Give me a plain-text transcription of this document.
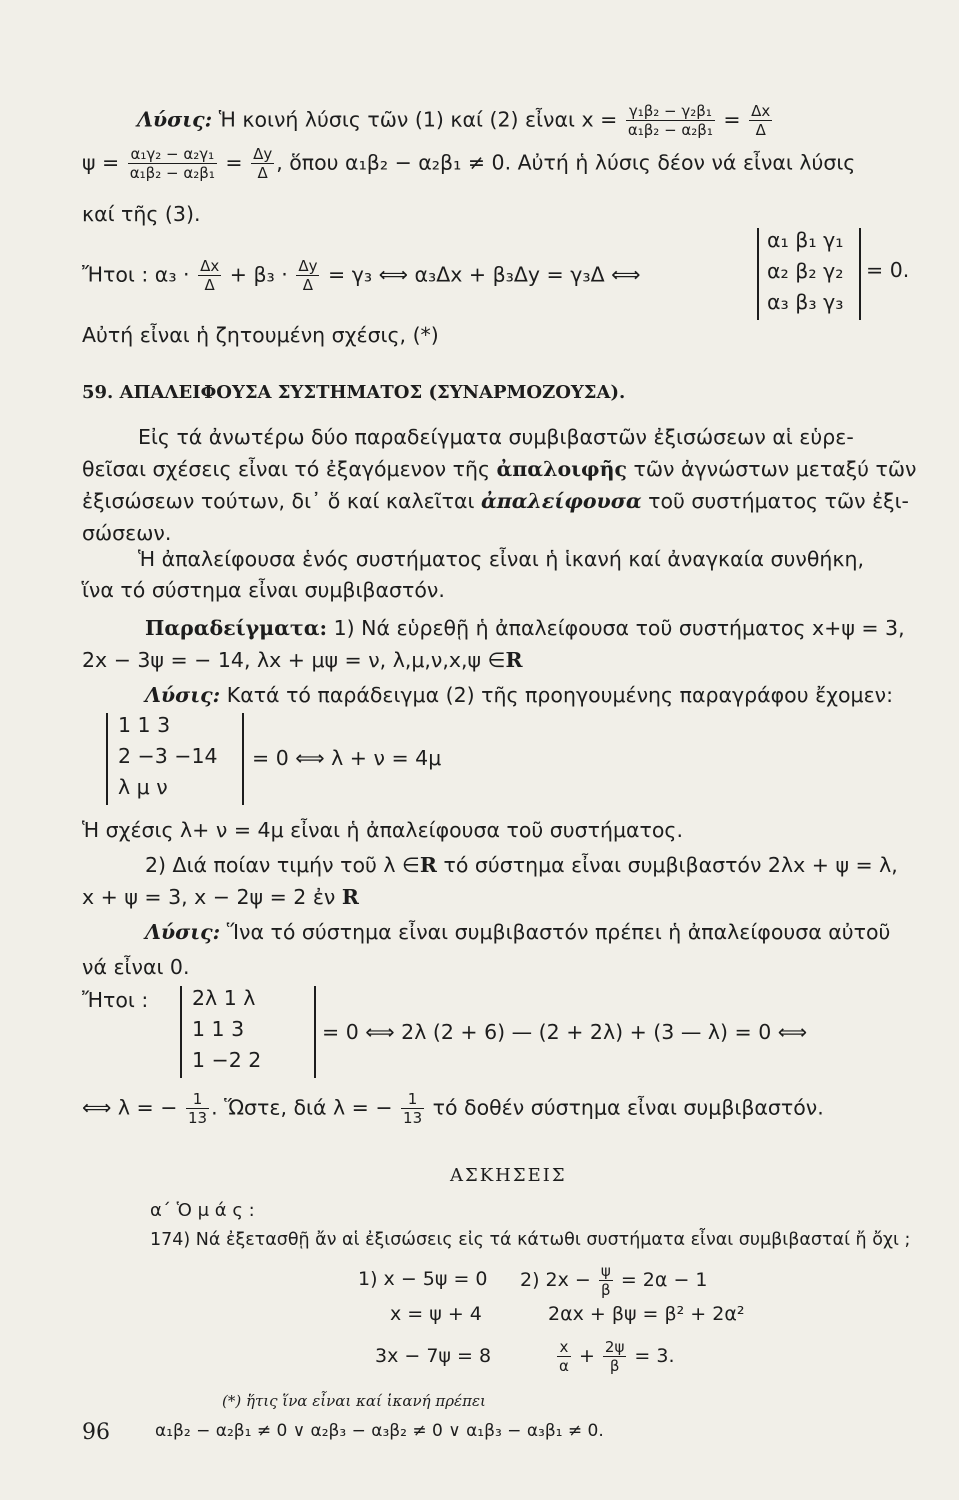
Λύσις: Ἡ κοινή λύσις τῶν (1) καί (2) εἶναι $x = \frac{\text{γ₁β₂ − γ₂β₁}}{\text{α₁β₂ − α₂β₁}} = \frac{\Delta x}{\Delta}$
$\psi = \frac{\text{α₁γ₂ − α₂γ₁}}{\text{α₁β₂ − α₂β₁}} = \frac{\Delta y}{\Delta}$ , ὅπου α₁β₂ − α₂β₁ ≠ 0. Αὐτή ἡ λύσις δέον νά εἶναι λύσις
καί τῆς (3).
Ἤτοι : $\alpha_3 \cdot \frac{\Delta x}{\Delta} + \beta_3 \cdot \frac{\Delta y}{\Delta} = \gamma_3$ ⟺ α₃Δx + β₃Δy = γ₃Δ ⟺
α₁ β₁ γ₁
α₂ β₂ γ₂
α₃ β₃ γ₃
= 0.
Αὐτή εἶναι ἡ ζητουμένη σχέσις, (*)
59. ΑΠΑΛΕΙΦΟΥΣΑ ΣΥΣΤΗΜΑΤΟΣ (ΣΥΝΑΡΜΟΖΟΥΣΑ).
Εἰς τά ἀνωτέρω δύο παραδείγματα συμβιβαστῶν ἐξισώσεων αἱ εὑρε-
θεῖσαι σχέσεις εἶναι τό ἐξαγόμενον τῆς ἀπαλοιφῆς τῶν ἀγνώστων μεταξύ τῶν
ἐξισώσεων τούτων, δι᾽ ὅ καί καλεῖται ἀπαλείφουσα τοῦ συστήματος τῶν ἐξι-
σώσεων.
Ἡ ἀπαλείφουσα ἑνός συστήματος εἶναι ἡ ἱκανή καί ἀναγκαία συνθήκη,
ἵνα τό σύστημα εἶναι συμβιβαστόν.
Παραδείγματα: 1) Νά εὑρεθῇ ἡ ἀπαλείφουσα τοῦ συστήματος x+ψ = 3,
2x − 3ψ = − 14, λx + μψ = ν, λ,μ,ν,x,ψ ∈R
Λύσις: Κατά τό παράδειγμα (2) τῆς προηγουμένης παραγράφου ἔχομεν:
1 1 3
2 −3 −14
λ μ ν
= 0 ⟺ λ + ν = 4μ
Ἡ σχέσις λ+ ν = 4μ εἶναι ἡ ἀπαλείφουσα τοῦ συστήματος.
2) Διά ποίαν τιμήν τοῦ λ ∈R τό σύστημα εἶναι συμβιβαστόν 2λx + ψ = λ,
x + ψ = 3, x − 2ψ = 2 ἐν R
Λύσις: Ἵνα τό σύστημα εἶναι συμβιβαστόν πρέπει ἡ ἀπαλείφουσα αὐτοῦ
νά εἶναι 0.
Ἤτοι : 2λ 1 λ
1 1 3
1 −2 2
= 0 ⟺ 2λ (2 + 6) — (2 + 2λ) + (3 — λ) = 0 ⟺
⟺ λ = − $\frac{1}{13}$ . Ὥστε, διά λ = − $\frac{1}{13}$ τό δοθέν σύστημα εἶναι συμβιβαστόν.
ΑΣΚΗΣΕΙΣ
α΄ Ὁ μ ά ς :
174) Νά ἐξετασθῇ ἄν αἱ ἐξισώσεις εἰς τά κάτωθι συστήματα εἶναι συμβιβασταί ἤ ὄχι ;
1) x − 5ψ = 0
x = ψ + 4
3x − 7ψ = 8
2) $2x - \frac{\psi}{\beta} = 2\alpha - 1$
2αx + βψ = β² + 2α²
$\frac{x}{\alpha} + \frac{2\psi}{\beta} = 3$.
(*) ἥτις ἵνα εἶναι καί ἱκανή πρέπει
α₁β₂ − α₂β₁ ≠ 0 ∨ α₂β₃ − α₃β₂ ≠ 0 ∨ α₁β₃ − α₃β₁ ≠ 0.
96
